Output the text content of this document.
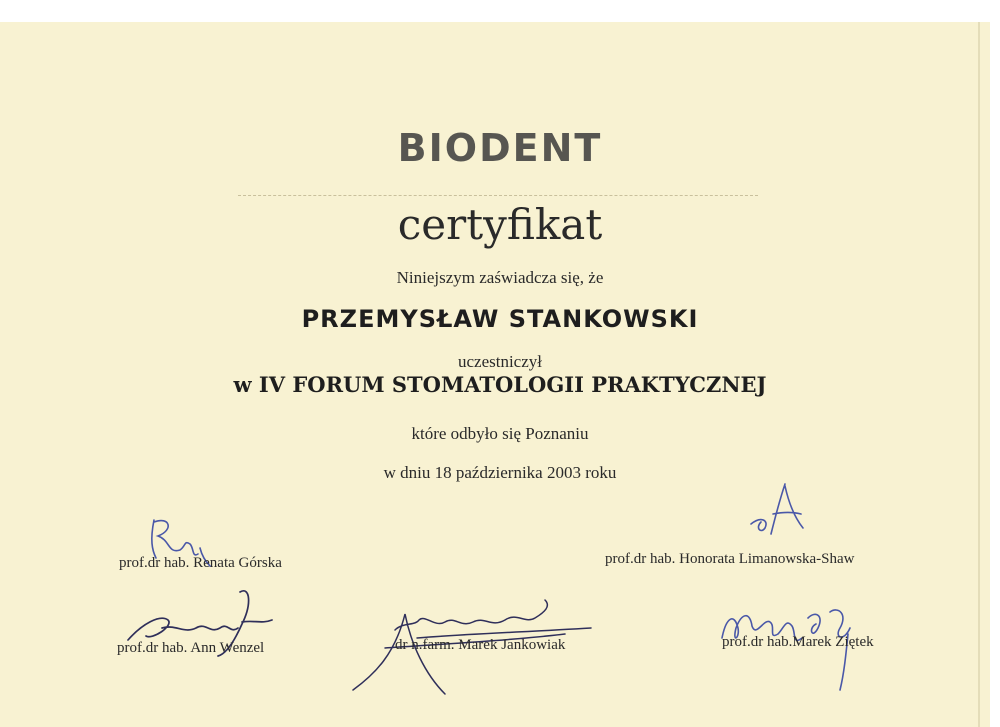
BIODENT
certyfikat
Niniejszym zaświadcza się, że
PRZEMYSŁAW STANKOWSKI
uczestniczył
w IV FORUM STOMATOLOGII PRAKTYCZNEJ
które odbyło się Poznaniu
w dniu 18 października 2003 roku
prof.dr hab. Renata Górska	prof.dr hab. Honorata Limanowska-Shaw
prof.dr hab. Ann Wenzel	dr n.farm. Marek Jankowiak	prof.dr hab.Marek Ziętek
